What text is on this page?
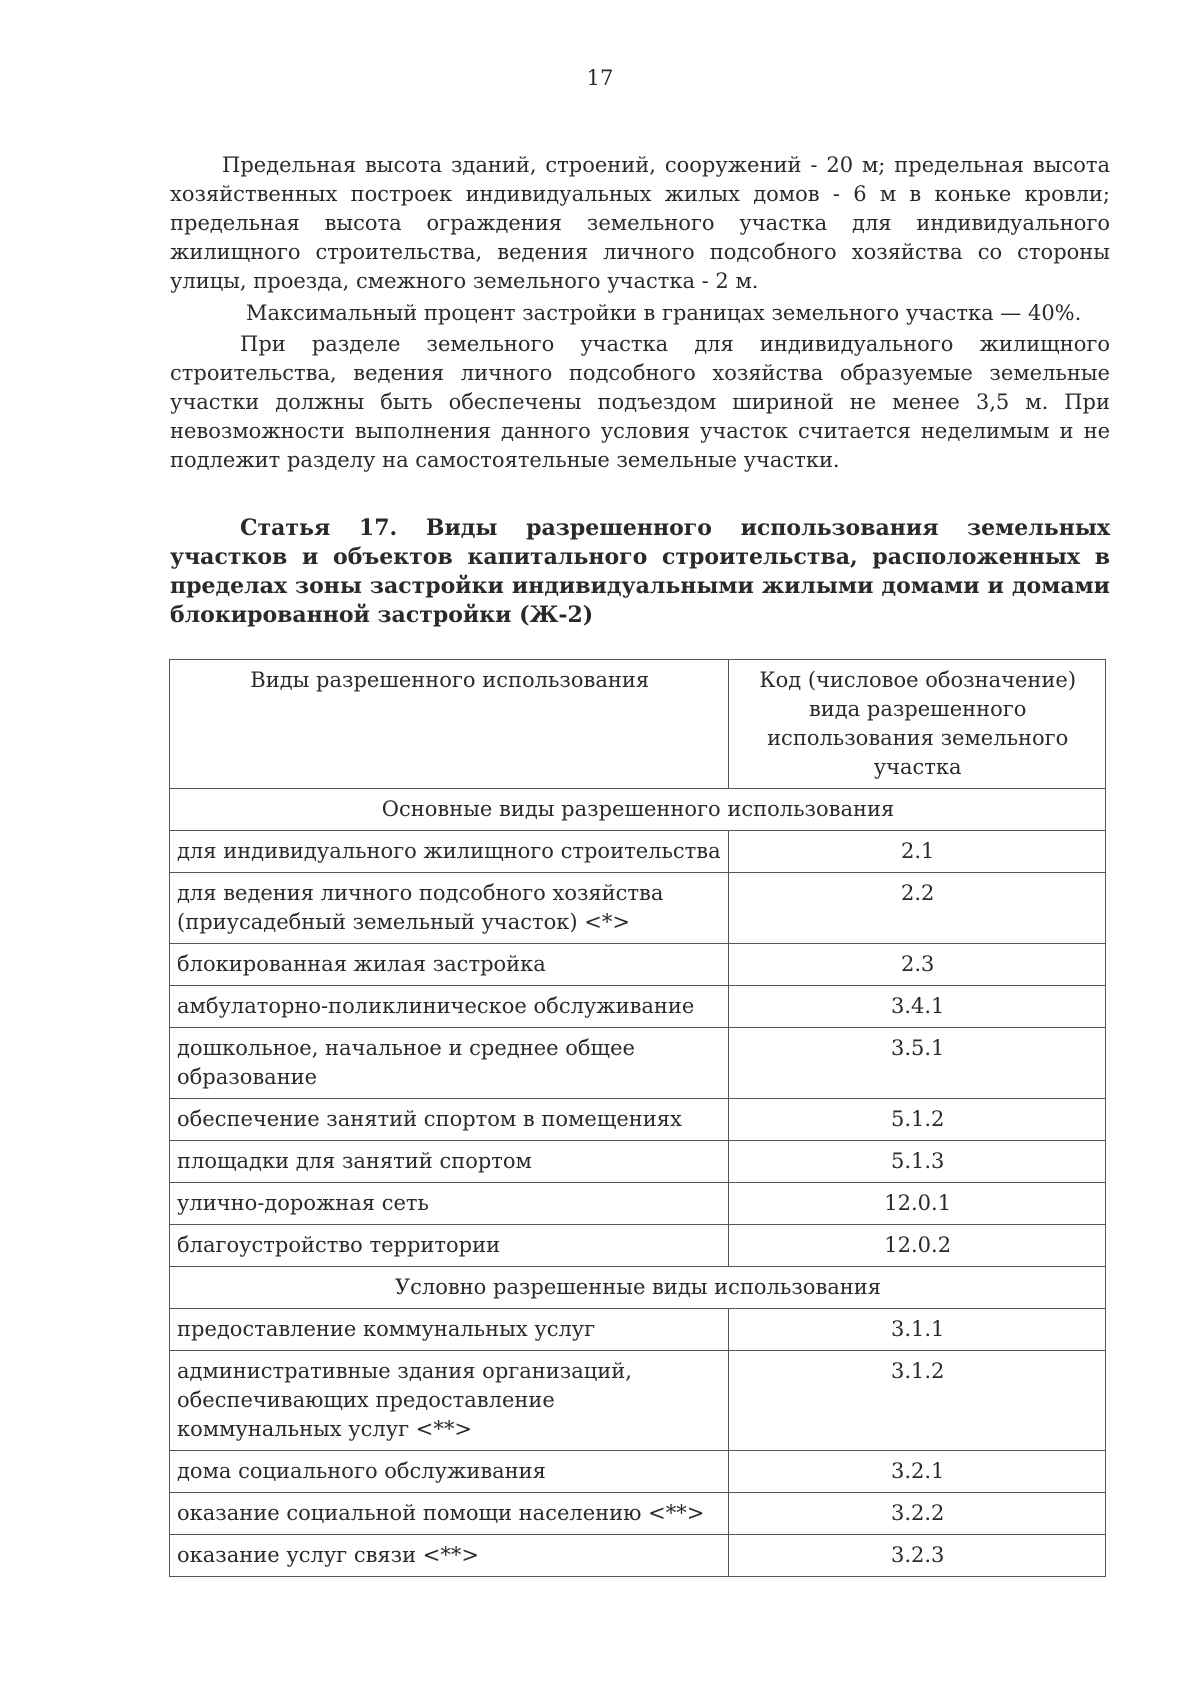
17

Предельная высота зданий, строений, сооружений - 20 м; предельная высота хозяйственных построек индивидуальных жилых домов - 6 м в коньке кровли; предельная высота ограждения земельного участка для индивидуального жилищного строительства, ведения личного подсобного хозяйства со стороны улицы, проезда, смежного земельного участка - 2 м.

Максимальный процент застройки в границах земельного участка — 40%.

При разделе земельного участка для индивидуального жилищного строительства, ведения личного подсобного хозяйства образуемые земельные участки должны быть обеспечены подъездом шириной не менее 3,5 м. При невозможности выполнения данного условия участок считается неделимым и не подлежит разделу на самостоятельные земельные участки.

Статья 17. Виды разрешенного использования земельных участков и объектов капитального строительства, расположенных в пределах зоны застройки индивидуальными жилыми домами и домами блокированной застройки (Ж-2)
Виды разрешенного использования	Код (числовое обозначение) вида разрешенного использования земельного участка
Основные виды разрешенного использования	
для индивидуального жилищного строительства	2.1
для ведения личного подсобного хозяйства (приусадебный земельный участок) <*>	2.2
блокированная жилая застройка	2.3
амбулаторно-поликлиническое обслуживание	3.4.1
дошкольное, начальное и среднее общее образование	3.5.1
обеспечение занятий спортом в помещениях	5.1.2
площадки для занятий спортом	5.1.3
улично-дорожная сеть	12.0.1
благоустройство территории	12.0.2
Условно разрешенные виды использования	
предоставление коммунальных услуг	3.1.1
административные здания организаций, обеспечивающих предоставление коммунальных услуг <**>	3.1.2
дома социального обслуживания	3.2.1
оказание социальной помощи населению <**>	3.2.2
оказание услуг связи <**>	3.2.3
